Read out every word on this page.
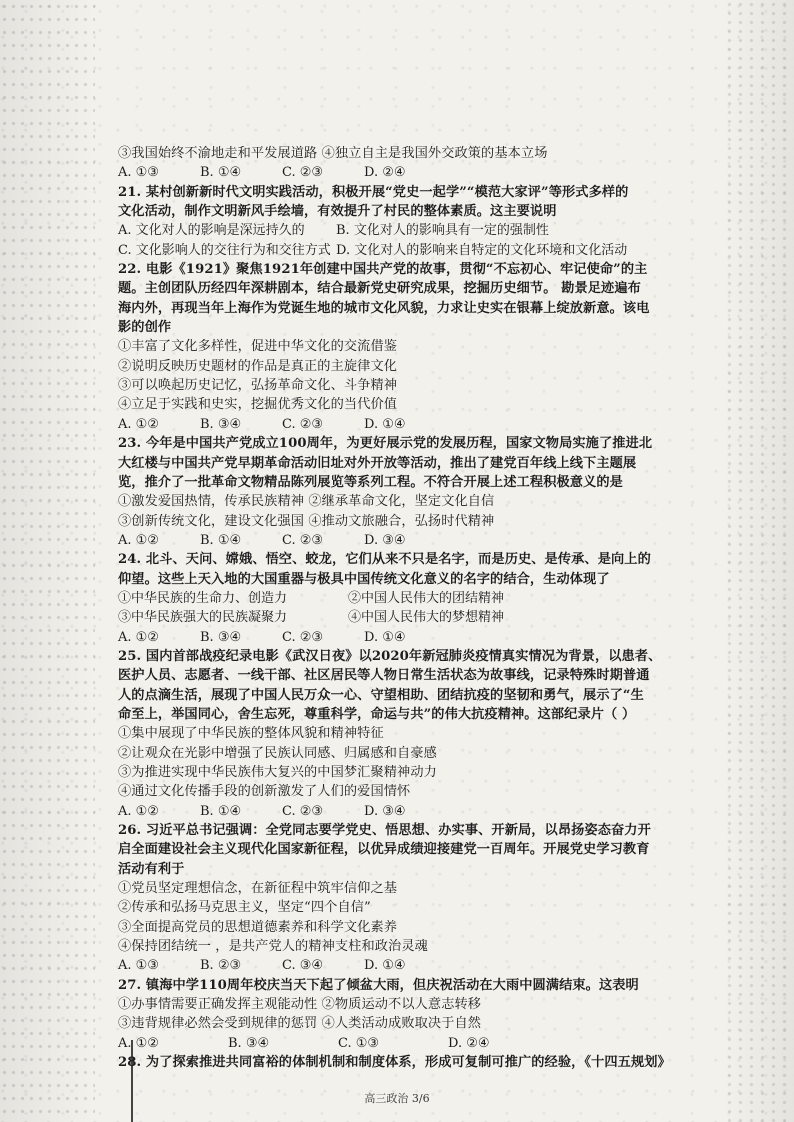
③我国始终不渝地走和平发展道路 ④独立自主是我国外交政策的基本立场
A. ①③	B. ①④	C. ②③	D. ②④
21. 某村创新新时代文明实践活动，积极开展“党史一起学”“模范大家评”等形式多样的
文化活动，制作文明新风手绘墙，有效提升了村民的整体素质。这主要说明
A. 文化对人的影响是深远持久的	B. 文化对人的影响具有一定的强制性
C. 文化影响人的交往行为和交往方式 D. 文化对人的影响来自特定的文化环境和文化活动
22. 电影《1921》聚焦1921年创建中国共产党的故事，贯彻“不忘初心、牢记使命”的主
题。主创团队历经四年深耕剧本，结合最新党史研究成果，挖掘历史细节。 勘景足迹遍布
海内外，再现当年上海作为党诞生地的城市文化风貌，力求让史实在银幕上绽放新意。该电
影的创作
①丰富了文化多样性，促进中华文化的交流借鉴
②说明反映历史题材的作品是真正的主旋律文化
③可以唤起历史记忆，弘扬革命文化、斗争精神
④立足于实践和史实，挖掘优秀文化的当代价值
A. ①②	B. ③④	C. ②③	D. ①④
23. 今年是中国共产党成立100周年，为更好展示党的发展历程，国家文物局实施了推进北
大红楼与中国共产党早期革命活动旧址对外开放等活动，推出了建党百年线上线下主题展
览，推介了一批革命文物精品陈列展览等系列工程。不符合开展上述工程积极意义的是
①激发爱国热情，传承民族精神 ②继承革命文化，坚定文化自信
③创新传统文化，建设文化强国 ④推动文旅融合，弘扬时代精神
A. ①②	B. ①④	C. ②③	D. ③④
24. 北斗、天问、嫦娥、悟空、蛟龙，它们从来不只是名字，而是历史、是传承、是向上的
仰望。这些上天入地的大国重器与极具中国传统文化意义的名字的结合，生动体现了
①中华民族的生命力、创造力	②中国人民伟大的团结精神
③中华民族强大的民族凝聚力	④中国人民伟大的梦想精神
A. ①②	B. ③④	C. ②③	D. ①④
25. 国内首部战疫纪录电影《武汉日夜》以2020年新冠肺炎疫情真实情况为背景，以患者、
医护人员、志愿者、一线干部、社区居民等人物日常生活状态为故事线，记录特殊时期普通
人的点滴生活，展现了中国人民万众一心、守望相助、团结抗疫的坚韧和勇气，展示了“生
命至上，举国同心，舍生忘死，尊重科学，命运与共”的伟大抗疫精神。这部纪录片（ ）
①集中展现了中华民族的整体风貌和精神特征
②让观众在光影中增强了民族认同感、归属感和自豪感
③为推进实现中华民族伟大复兴的中国梦汇聚精神动力
④通过文化传播手段的创新激发了人们的爱国情怀
A. ①②	B. ①④	C. ②③	D. ③④
26. 习近平总书记强调：全党同志要学党史、悟思想、办实事、开新局，以昂扬姿态奋力开
启全面建设社会主义现代化国家新征程，以优异成绩迎接建党一百周年。开展党史学习教育
活动有利于
①党员坚定理想信念，在新征程中筑牢信仰之基
②传承和弘扬马克思主义，坚定“四个自信”
③全面提高党员的思想道德素养和科学文化素养
④保持团结统一 ，是共产党人的精神支柱和政治灵魂
A. ①③	B. ②③	C. ③④	D. ①④
27. 镇海中学110周年校庆当天下起了倾盆大雨，但庆祝活动在大雨中圆满结束。这表明
①办事情需要正确发挥主观能动性 ②物质运动不以人意志转移
③违背规律必然会受到规律的惩罚 ④人类活动成败取决于自然
A. ①②	B. ③④	C. ①③	D. ②④
28. 为了探索推进共同富裕的体制机制和制度体系，形成可复制可推广的经验，《十四五规划》
高三政治 3/6
